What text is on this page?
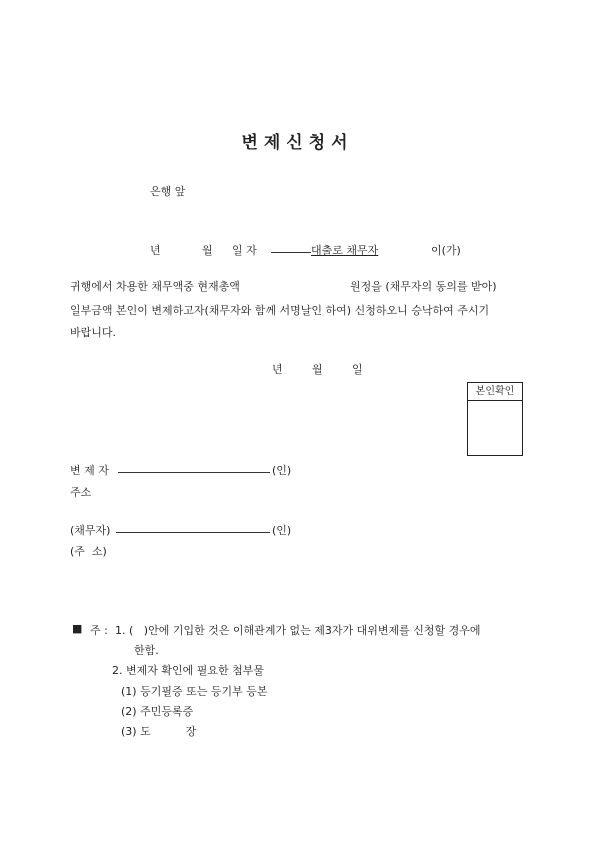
변제신청서
은행 앞
년	월 일 자	대출로 채무자	이(가)
귀행에서 차용한 채무액중 현재총액	원정을 (채무자의 동의를 받아)
일부금액 본인이 변제하고자(채무자와 함께 서명날인 하여) 신청하오니 승낙하여 주시기
바랍니다.
년	월	일
본인확인
변 제 자	(인)
주소
(채무자)	(인)
(주  소)
■ 주 : 1. (   )안에 기입한 것은 이해관계가 없는 제3자가 대위변제를 신청할 경우에
한함.
2. 변제자 확인에 필요한 첨부물
(1) 등기필증 또는 등기부 등본
(2) 주민등록증
(3) 도          장
